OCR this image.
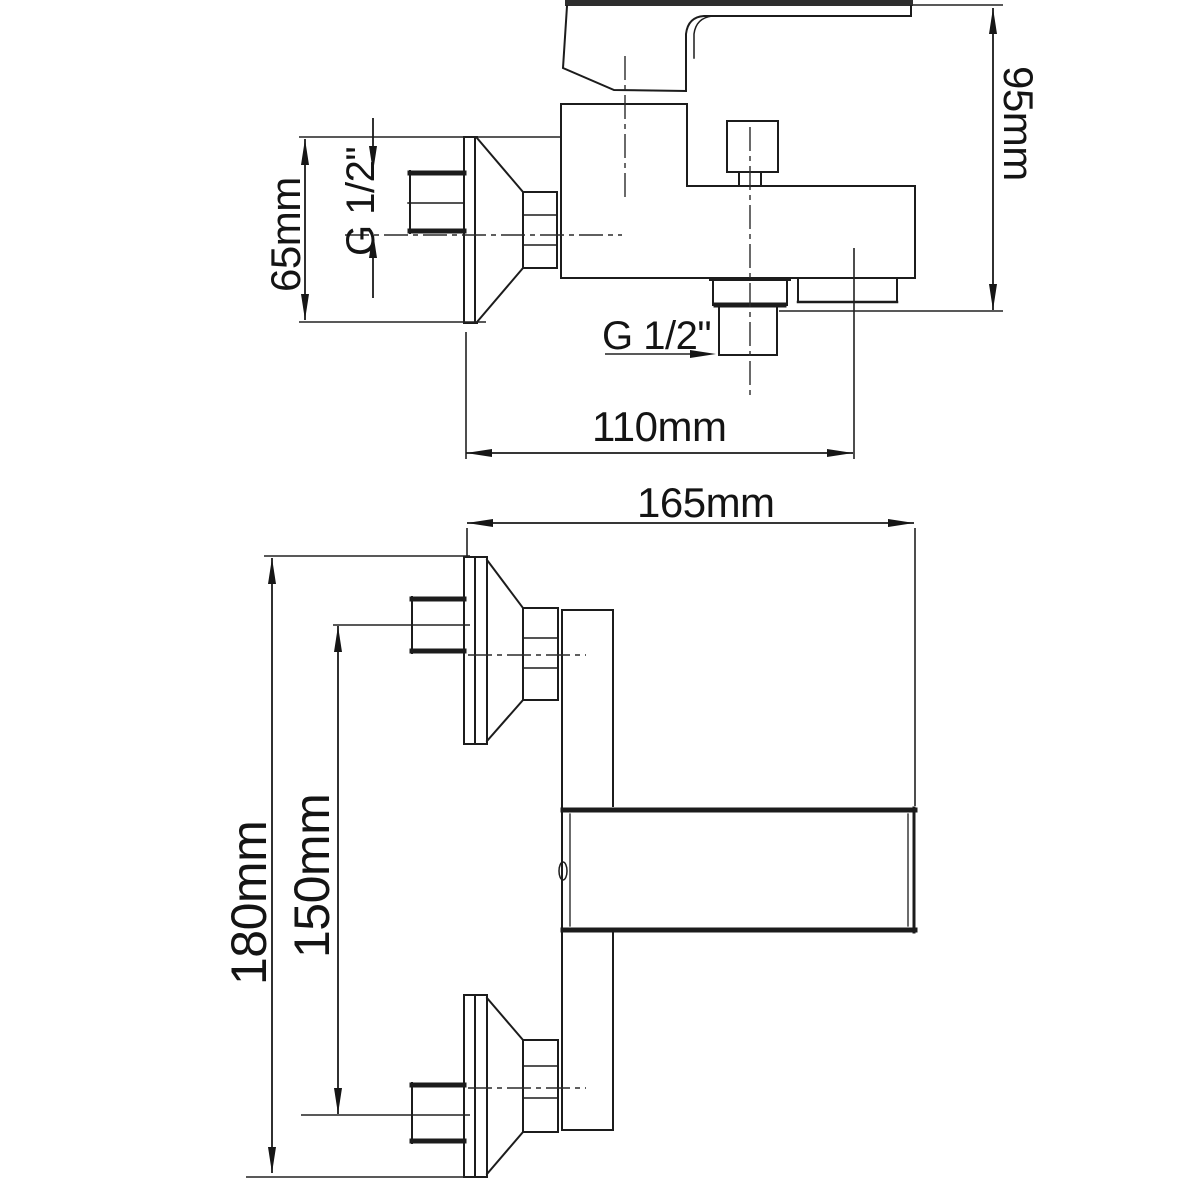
95mm
65mm G 1/2"
G 1/2"
110mm
165mm
180mm 150mm
